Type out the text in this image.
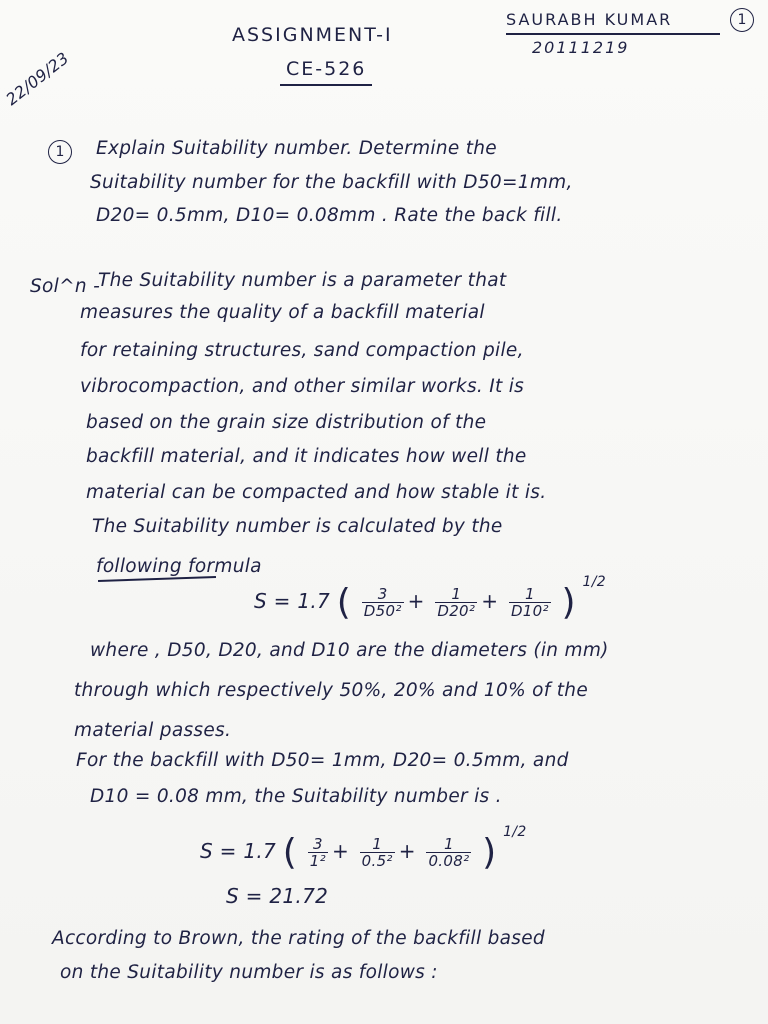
22/09/23
ASSIGNMENT-I
CE-526
SAURABH KUMAR	1
20111219
1 Explain Suitability number. Determine the
Suitability number for the backfill with D50=1mm,
D20= 0.5mm, D10= 0.08mm . Rate the back fill.
Sol^n -
The Suitability number is a parameter that
measures the quality of a backfill material
for retaining structures, sand compaction pile,
vibrocompaction, and other similar works. It is
based on the grain size distribution of the
backfill material, and it indicates how well the
material can be compacted and how stable it is.
The Suitability number is calculated by the
following formula
S = 1.7 ( $\frac{3}{\text{D50²}} + \frac{1}{\text{D20²}} + \frac{1}{\text{D10²}}$ ) $^{1/2}$
where , D50, D20, and D10 are the diameters (in mm)
through which respectively 50%, 20% and 10% of the
material passes.
For the backfill with D50= 1mm, D20= 0.5mm, and
D10 = 0.08 mm, the Suitability number is .
S = 1.7 ( $\frac{3}{\text{1²}} + \frac{1}{\text{0.5²}} + \frac{1}{\text{0.08²}}$ ) $^{1/2}$
S = 21.72
According to Brown, the rating of the backfill based
on the Suitability number is as follows :
